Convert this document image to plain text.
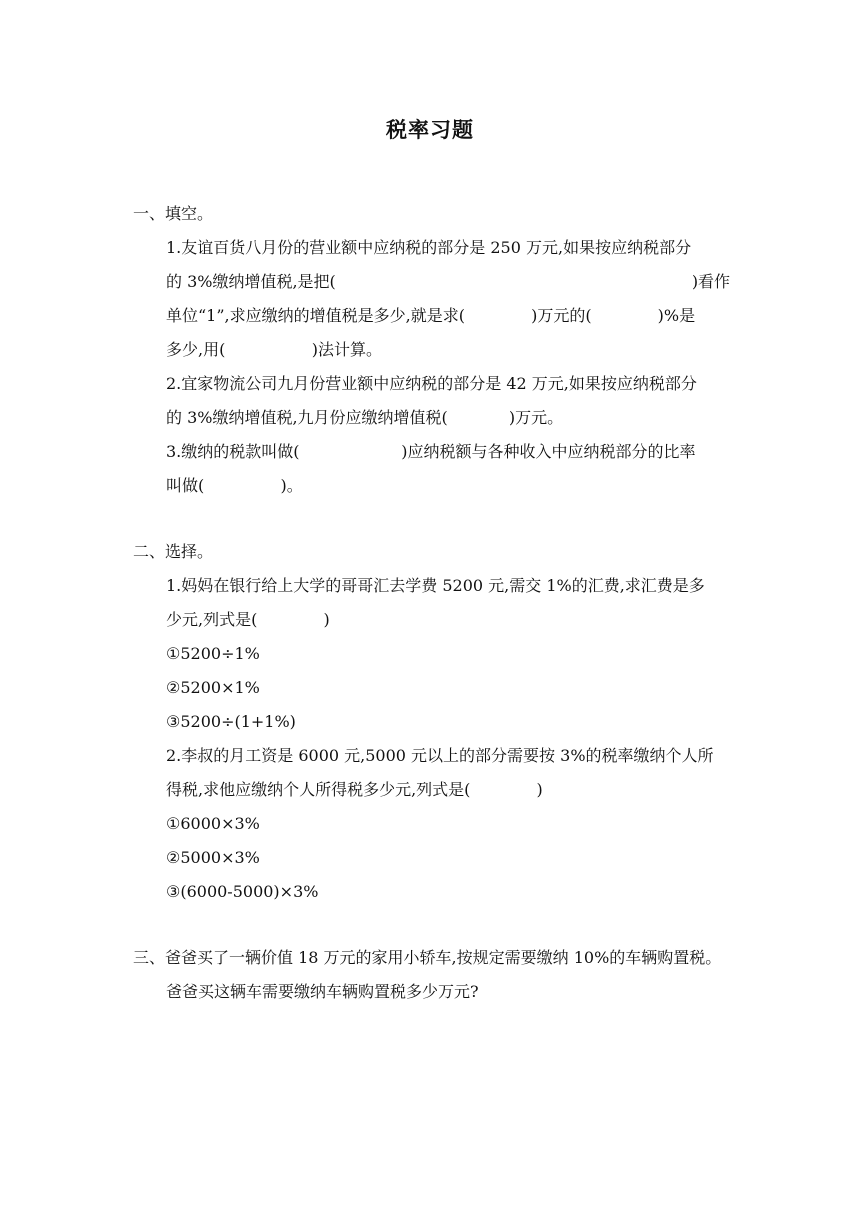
税率习题
一、填空。
1.友谊百货八月份的营业额中应纳税的部分是 250 万元,如果按应纳税部分
的 3%缴纳增值税,是把(                                                                      )看作
单位“1”,求应缴纳的增值税是多少,就是求(             )万元的(             )%是
多少,用(                 )法计算。
2.宜家物流公司九月份营业额中应纳税的部分是 42 万元,如果按应纳税部分
的 3%缴纳增值税,九月份应缴纳增值税(            )万元。
3.缴纳的税款叫做(                    )应纳税额与各种收入中应纳税部分的比率
叫做(               )。
二、选择。
1.妈妈在银行给上大学的哥哥汇去学费 5200 元,需交 1%的汇费,求汇费是多
少元,列式是(             )
①5200÷1%
②5200×1%
③5200÷(1+1%)
2.李叔的月工资是 6000 元,5000 元以上的部分需要按 3%的税率缴纳个人所
得税,求他应缴纳个人所得税多少元,列式是(             )
①6000×3%
②5000×3%
③(6000-5000)×3%
三、爸爸买了一辆价值 18 万元的家用小轿车,按规定需要缴纳 10%的车辆购置税。
爸爸买这辆车需要缴纳车辆购置税多少万元?
